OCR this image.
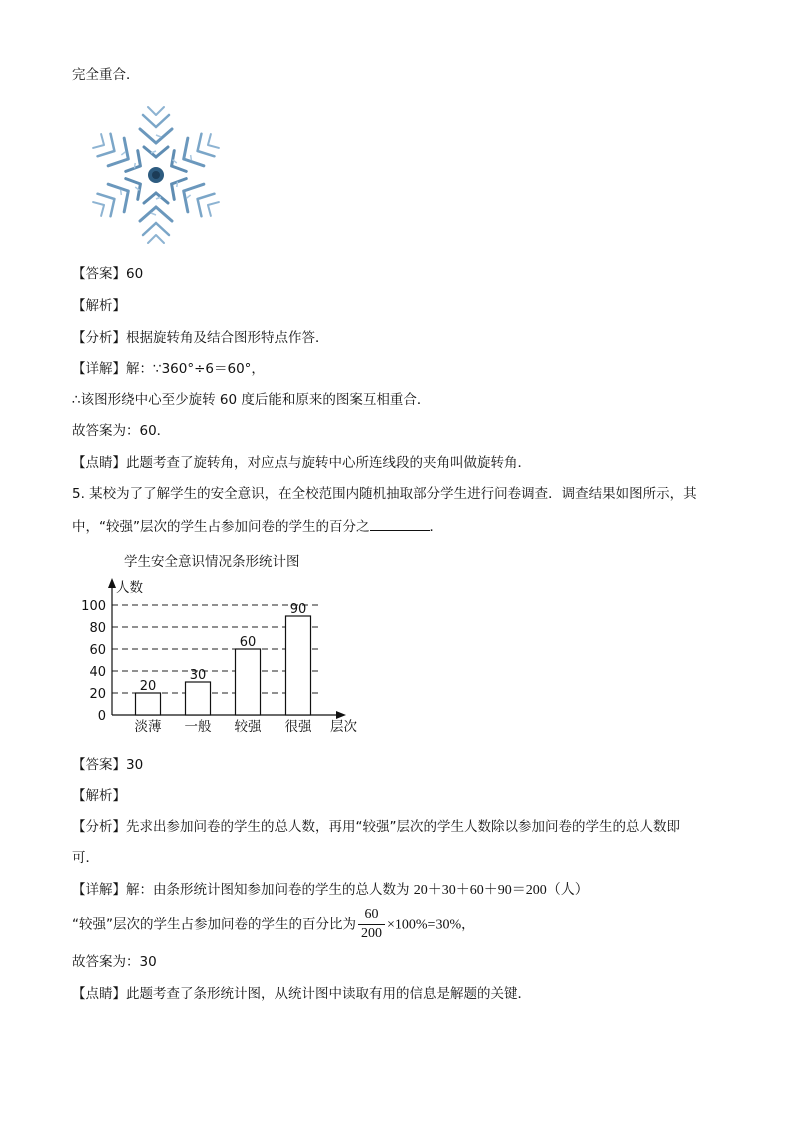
完全重合．
【答案】60
【解析】
【分析】根据旋转角及结合图形特点作答．
【详解】解：∵360°÷6＝60°，
∴该图形绕中心至少旋转 60 度后能和原来的图案互相重合．
故答案为：60．
【点睛】此题考查了旋转角，对应点与旋转中心所连线段的夹角叫做旋转角．
5. 某校为了了解学生的安全意识，在全校范围内随机抽取部分学生进行问卷调查．调查结果如图所示，其
中，“较强”层次的学生占参加问卷的学生的百分之	．
学生安全意识情况条形统计图
人数
层次
0
20
40
60
80
100
20
30
60
90
淡薄 一般 较强 很强
【答案】30
【解析】
【分析】先求出参加问卷的学生的总人数，再用“较强”层次的学生人数除以参加问卷的学生的总人数即
可．
【详解】解：由条形统计图知参加问卷的学生的总人数为 20＋30＋60＋90＝200（人）
“较强”层次的学生占参加问卷的学生的百分比为 $\frac{60}{200} \times 100\%=30\%$，
故答案为：30
【点睛】此题考查了条形统计图，从统计图中读取有用的信息是解题的关键．
